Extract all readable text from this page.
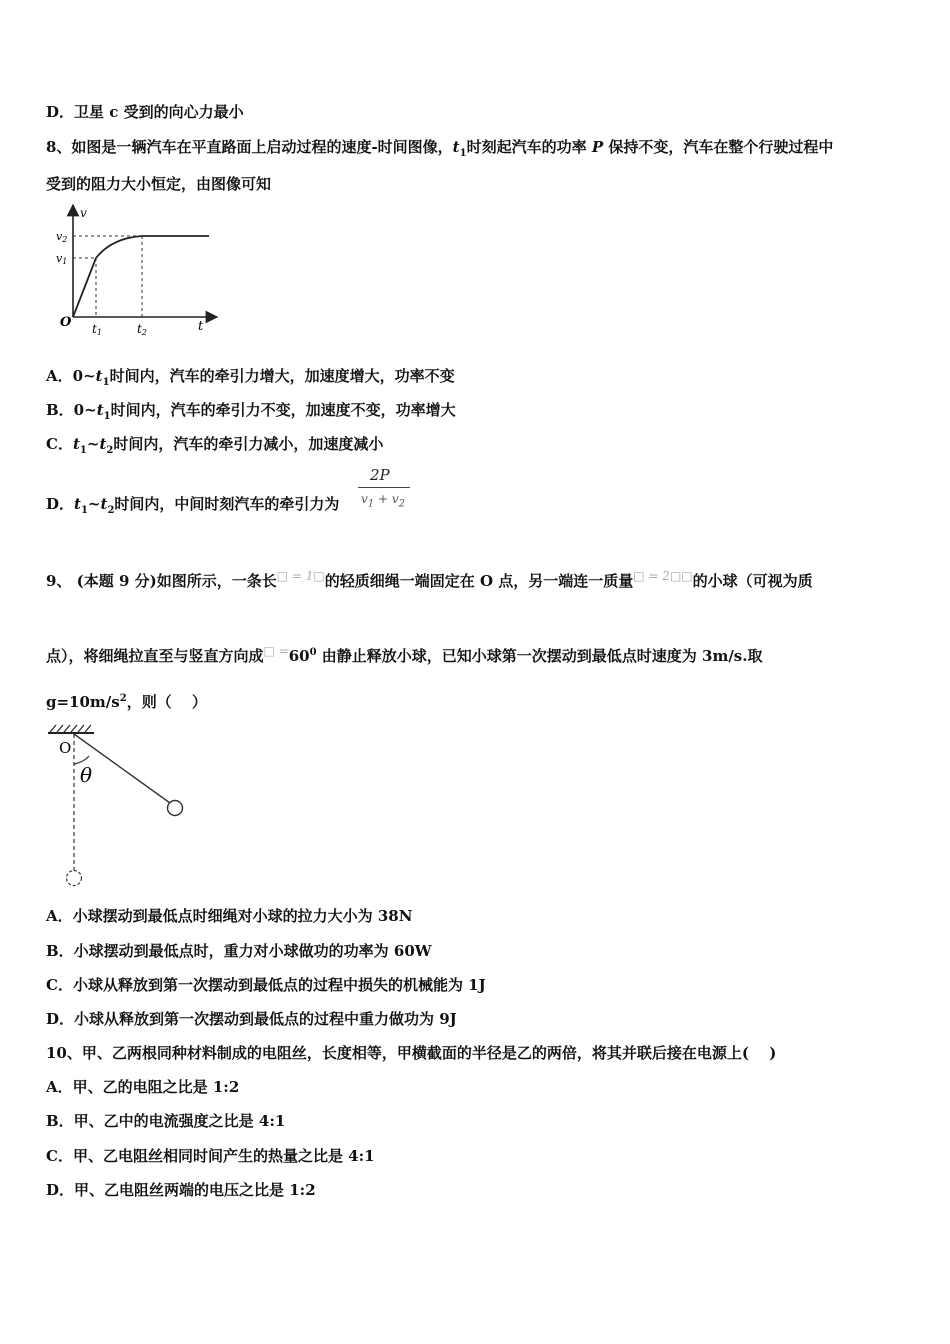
D．卫星 c 受到的向心力最小
8、如图是一辆汽车在平直路面上启动过程的速度-时间图像，$t_1$时刻起汽车的功率 P 保持不变，汽车在整个行驶过程中
受到的阻力大小恒定，由图像可知
v
t
O
v2
v1
t1	t2
A．$0\sim t_1$时间内，汽车的牵引力增大，加速度增大，功率不变
B．$0\sim t_1$时间内，汽车的牵引力不变，加速度不变，功率增大
C．$t_1\sim t_2$时间内，汽车的牵引力减小，加速度减小
D．$t_1\sim t_2$时间内，中间时刻汽车的牵引力为
2P
$v_1 + v_2$
9、 (本题 9 分)如图所示，一条长□ = 1□的轻质细绳一端固定在 O 点，另一端连一质量□ = 2□□的小球（可视为质
点），将细绳拉直至与竖直方向成□ $=60^0$ 由静止释放小球，已知小球第一次摆动到最低点时速度为 3m/s.取
$g=10m/s^2$，则（　 ）
O
θ
A．小球摆动到最低点时细绳对小球的拉力大小为 38N
B．小球摆动到最低点时，重力对小球做功的功率为 60W
C．小球从释放到第一次摆动到最低点的过程中损失的机械能为 1J
D．小球从释放到第一次摆动到最低点的过程中重力做功为 9J
10、甲、乙两根同种材料制成的电阻丝，长度相等，甲横截面的半径是乙的两倍，将其并联后接在电源上(　 )
A．甲、乙的电阻之比是 1:2
B．甲、乙中的电流强度之比是 4:1
C．甲、乙电阻丝相同时间产生的热量之比是 4:1
D．甲、乙电阻丝两端的电压之比是 1:2
